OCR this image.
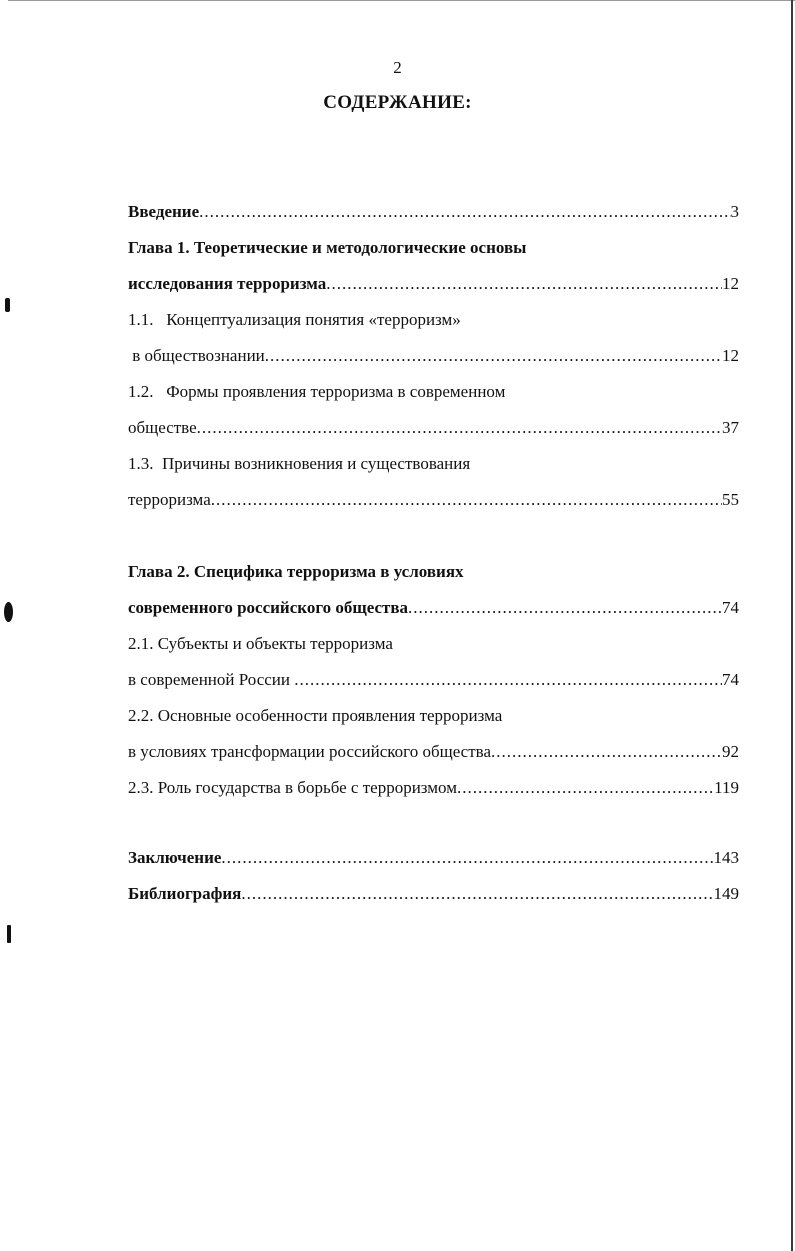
2
СОДЕРЖАНИЕ:
Введение .....	3
Глава 1. Теоретические и методологические основы
исследования терроризма .....	12
1.1.   Концептуализация понятия «терроризм»
в обществознании .....	12
1.2.   Формы проявления терроризма в современном
обществе .....	37
1.3.  Причины возникновения и существования
терроризма .....	55
Глава 2. Специфика терроризма в условиях
современного российского общества .....	74
2.1. Субъекты и объекты терроризма
в современной России .....	74
2.2. Основные особенности проявления терроризма
в условиях трансформации российского общества .....	92
2.3. Роль государства в борьбе с терроризмом .....	119
Заключение .....	143
Библиография .....	149
